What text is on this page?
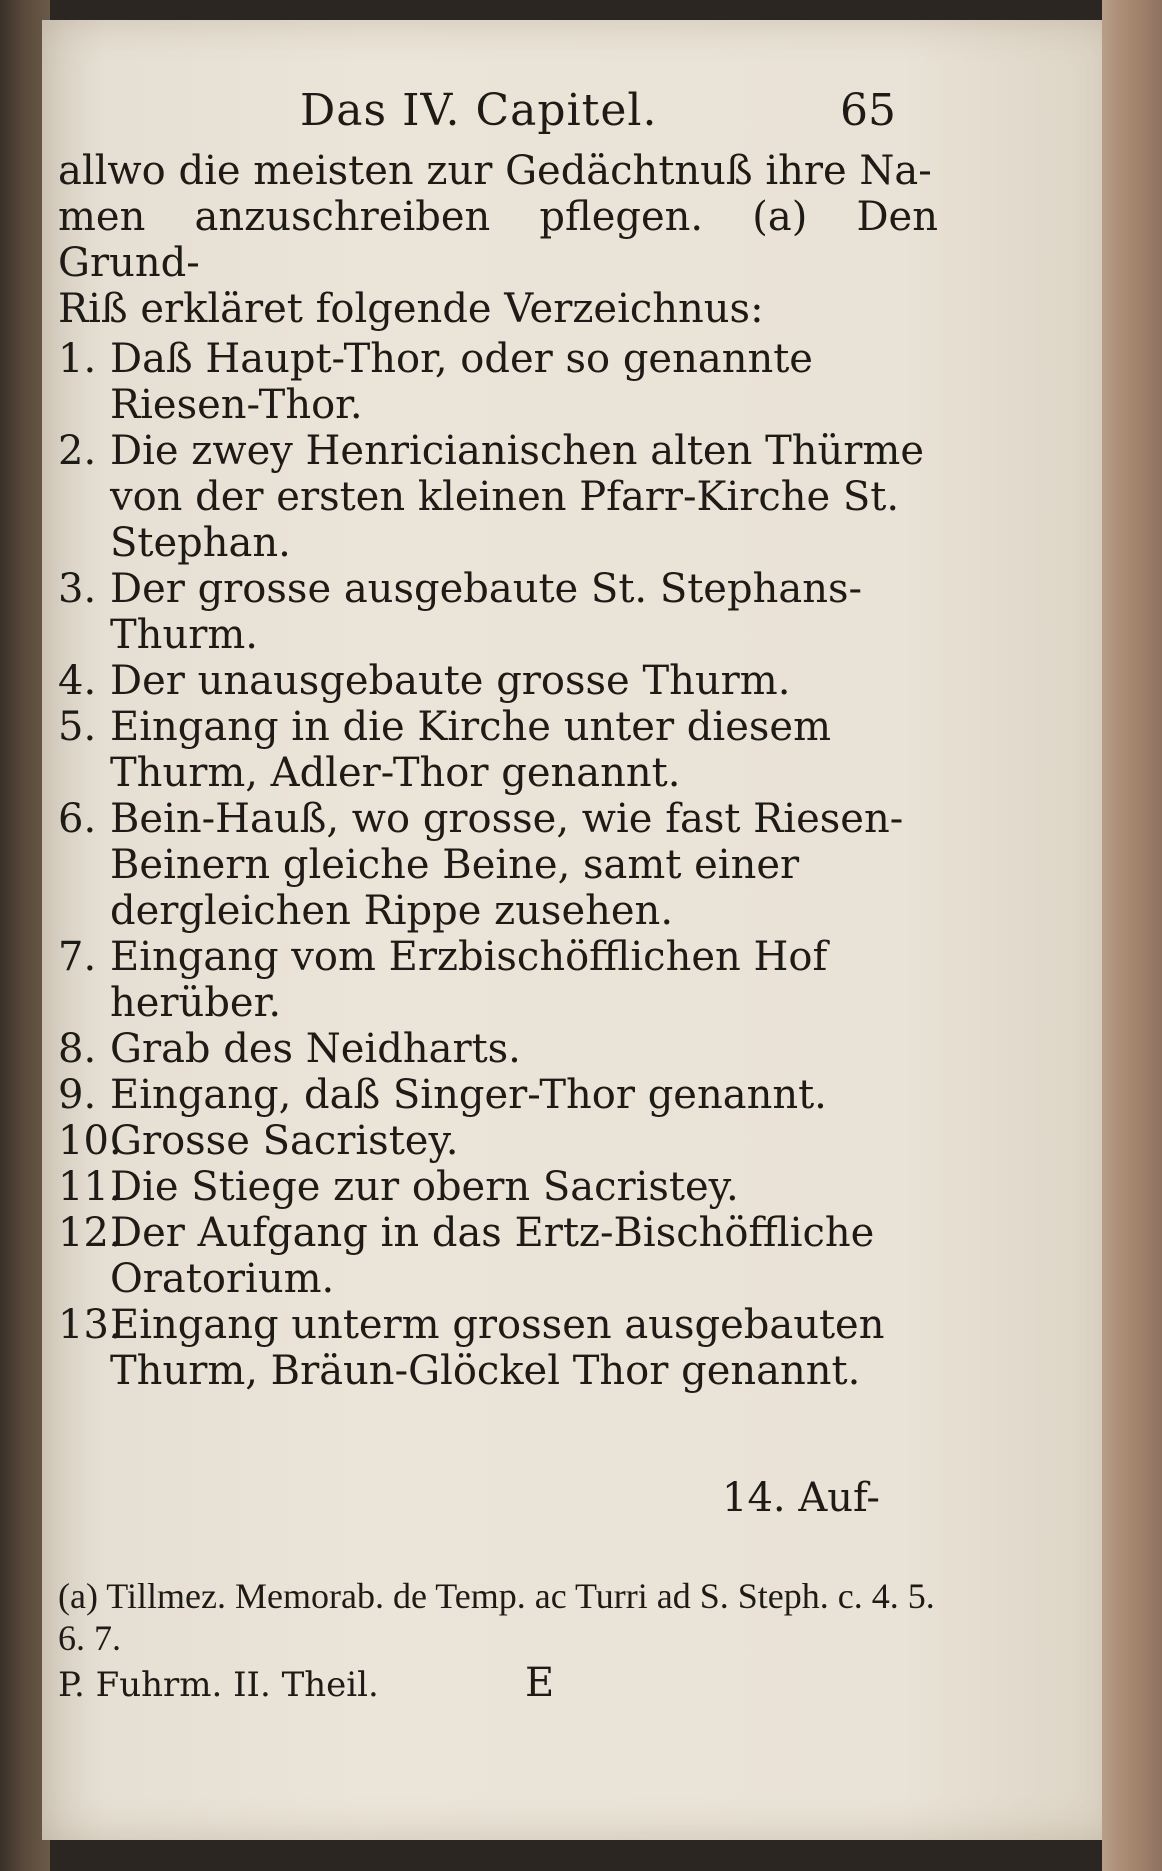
Das IV. Capitel.	65

allwo die meisten zur Gedächtnuß ihre Na-

men anzuschreiben pflegen. (a) Den Grund-

Riß erkläret folgende Verzeichnus:

1. Daß Haupt-Thor, oder so genannte Riesen-Thor.
2. Die zwey Henricianischen alten Thürme von der ersten kleinen Pfarr-Kirche St. Stephan.
3. Der grosse ausgebaute St. Stephans-Thurm.
4. Der unausgebaute grosse Thurm.
5. Eingang in die Kirche unter diesem Thurm, Adler-Thor genannt.
6. Bein-Hauß, wo grosse, wie fast Riesen-Beinern gleiche Beine, samt einer dergleichen Rippe zusehen.
7. Eingang vom Erzbischöfflichen Hof herüber.
8. Grab des Neidharts.
9. Eingang, daß Singer-Thor genannt.
10.
Grosse Sacristey.
11.
Die Stiege zur obern Sacristey.
12.
Der Aufgang in das Ertz-Bischöffliche Oratorium.
13.
Eingang unterm grossen ausgebauten Thurm, Bräun-Glöckel Thor genannt.
14. Auf-
(a) Tillmez. Memorab. de Temp. ac Turri ad S. Steph. c. 4. 5. 6. 7.
P. Fuhrm. II. Theil.	E
